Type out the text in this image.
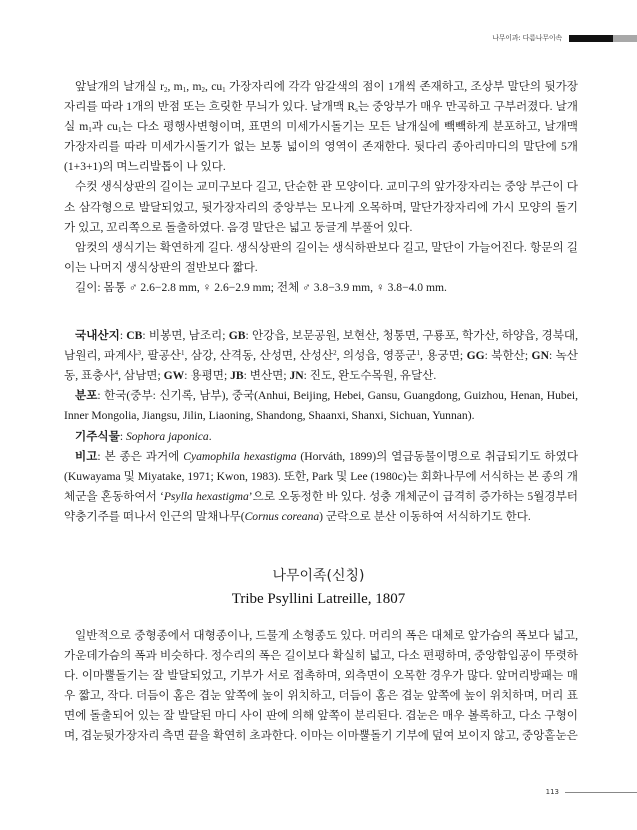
나무이과: 다름나무이속

앞날개의 날개실 $r_2$, $m_1$, $m_2$, $cu_1$ 가장자리에 각각 암갈색의 점이 1개씩 존재하고, 조상부 말단의 뒷가장자리를 따라 1개의 반점 또는 흐릿한 무늬가 있다. 날개맥 $R_s$는 중앙부가 매우 만곡하고 구부러졌다. 날개실 $m_1$과 $cu_1$는 다소 평행사변형이며, 표면의 미세가시돌기는 모든 날개실에 빽빽하게 분포하고, 날개맥 가장자리를 따라 미세가시돌기가 없는 보통 넓이의 영역이 존재한다. 뒷다리 종아리마디의 말단에 5개(1+3+1)의 며느리발톱이 나 있다.

수컷 생식상판의 길이는 교미구보다 길고, 단순한 관 모양이다. 교미구의 앞가장자리는 중앙 부근이 다소 삼각형으로 발달되었고, 뒷가장자리의 중앙부는 모나게 오목하며, 말단가장자리에 가시 모양의 돌기가 있고, 꼬리쪽으로 돌출하였다. 음경 말단은 넓고 둥글게 부풀어 있다.

암컷의 생식기는 확연하게 길다. 생식상판의 길이는 생식하판보다 길고, 말단이 가늘어진다. 항문의 길이는 나머지 생식상판의 절반보다 짧다.

길이: 몸통 ♂ 2.6−2.8 mm, ♀ 2.6−2.9 mm; 전체 ♂ 3.8−3.9 mm, ♀ 3.8−4.0 mm.

국내산지: CB: 비봉면, 남조리; GB: 안강읍, 보문공원, 보현산, 청통면, 구룡포, 학가산, 하양읍, 경북대, 남원리, 파계사$^3$, 팔공산$^1$, 삼강, 산격동, 산성면, 산성산$^2$, 의성읍, 영풍군$^1$, 용궁면; GG: 북한산; GN: 녹산동, 표충사$^4$, 삼남면; GW: 용평면; JB: 변산면; JN: 진도, 완도수목원, 유달산.

분포: 한국(중부: 신기록, 남부), 중국(Anhui, Beijing, Hebei, Gansu, Guangdong, Guizhou, Henan, Hubei, Inner Mongolia, Jiangsu, Jilin, Liaoning, Shandong, Shaanxi, Shanxi, Sichuan, Yunnan).

기주식물: Sophora japonica.

비고: 본 종은 과거에 Cyamophila hexastigma (Horváth, 1899)의 열급동물이명으로 취급되기도 하였다(Kuwayama 및 Miyatake, 1971; Kwon, 1983). 또한, Park 및 Lee (1980c)는 회화나무에 서식하는 본 종의 개체군을 혼동하여서 ‘Psylla hexastigma’으로 오동정한 바 있다. 성충 개체군이 급격히 증가하는 5월경부터 약충기주를 떠나서 인근의 말채나무(Cornus coreana) 군락으로 분산 이동하여 서식하기도 한다.

나무이족(신칭)
Tribe Psyllini Latreille, 1807

일반적으로 중형종에서 대형종이나, 드물게 소형종도 있다. 머리의 폭은 대체로 앞가슴의 폭보다 넓고, 가운데가슴의 폭과 비슷하다. 정수리의 폭은 길이보다 확실히 넓고, 다소 편평하며, 중앙함입공이 뚜렷하다. 이마뿔돌기는 잘 발달되었고, 기부가 서로 접촉하며, 외측면이 오목한 경우가 많다. 앞머리방패는 매우 짧고, 작다. 더듬이 홈은 겹눈 앞쪽에 높이 위치하고, 더듬이 홈은 겹눈 앞쪽에 높이 위치하며, 머리 표면에 돌출되어 있는 잘 발달된 마디 사이 판에 의해 앞쪽이 분리된다. 겹눈은 매우 볼록하고, 다소 구형이며, 겹눈뒷가장자리 측면 끝을 확연히 초과한다. 이마는 이마뿔돌기 기부에 덮여 보이지 않고, 중앙홑눈은

113
